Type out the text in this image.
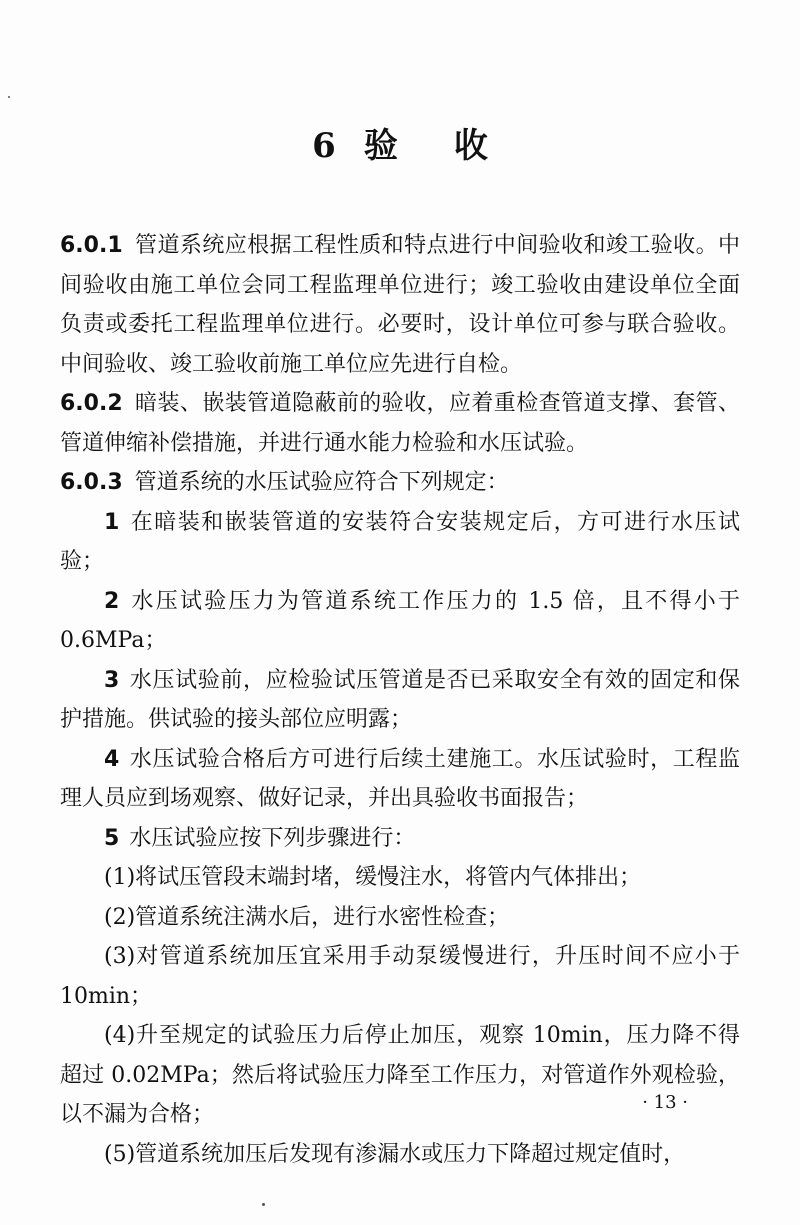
6 验 收

6.0.1 管道系统应根据工程性质和特点进行中间验收和竣工验收。中间验收由施工单位会同工程监理单位进行；竣工验收由建设单位全面负责或委托工程监理单位进行。必要时，设计单位可参与联合验收。中间验收、竣工验收前施工单位应先进行自检。

6.0.2 暗装、嵌装管道隐蔽前的验收，应着重检查管道支撑、套管、管道伸缩补偿措施，并进行通水能力检验和水压试验。

6.0.3 管道系统的水压试验应符合下列规定：

1 在暗装和嵌装管道的安装符合安装规定后，方可进行水压试验；

2 水压试验压力为管道系统工作压力的 1.5 倍，且不得小于 0.6MPa；

3 水压试验前，应检验试压管道是否已采取安全有效的固定和保护措施。供试验的接头部位应明露；

4 水压试验合格后方可进行后续土建施工。水压试验时，工程监理人员应到场观察、做好记录，并出具验收书面报告；

5 水压试验应按下列步骤进行：

(1)将试压管段末端封堵，缓慢注水，将管内气体排出；

(2)管道系统注满水后，进行水密性检查；

(3)对管道系统加压宜采用手动泵缓慢进行，升压时间不应小于 10min；

(4)升至规定的试验压力后停止加压，观察 10min，压力降不得超过 0.02MPa；然后将试验压力降至工作压力，对管道作外观检验，以不漏为合格；

(5)管道系统加压后发现有渗漏水或压力下降超过规定值时，

· 13 ·
